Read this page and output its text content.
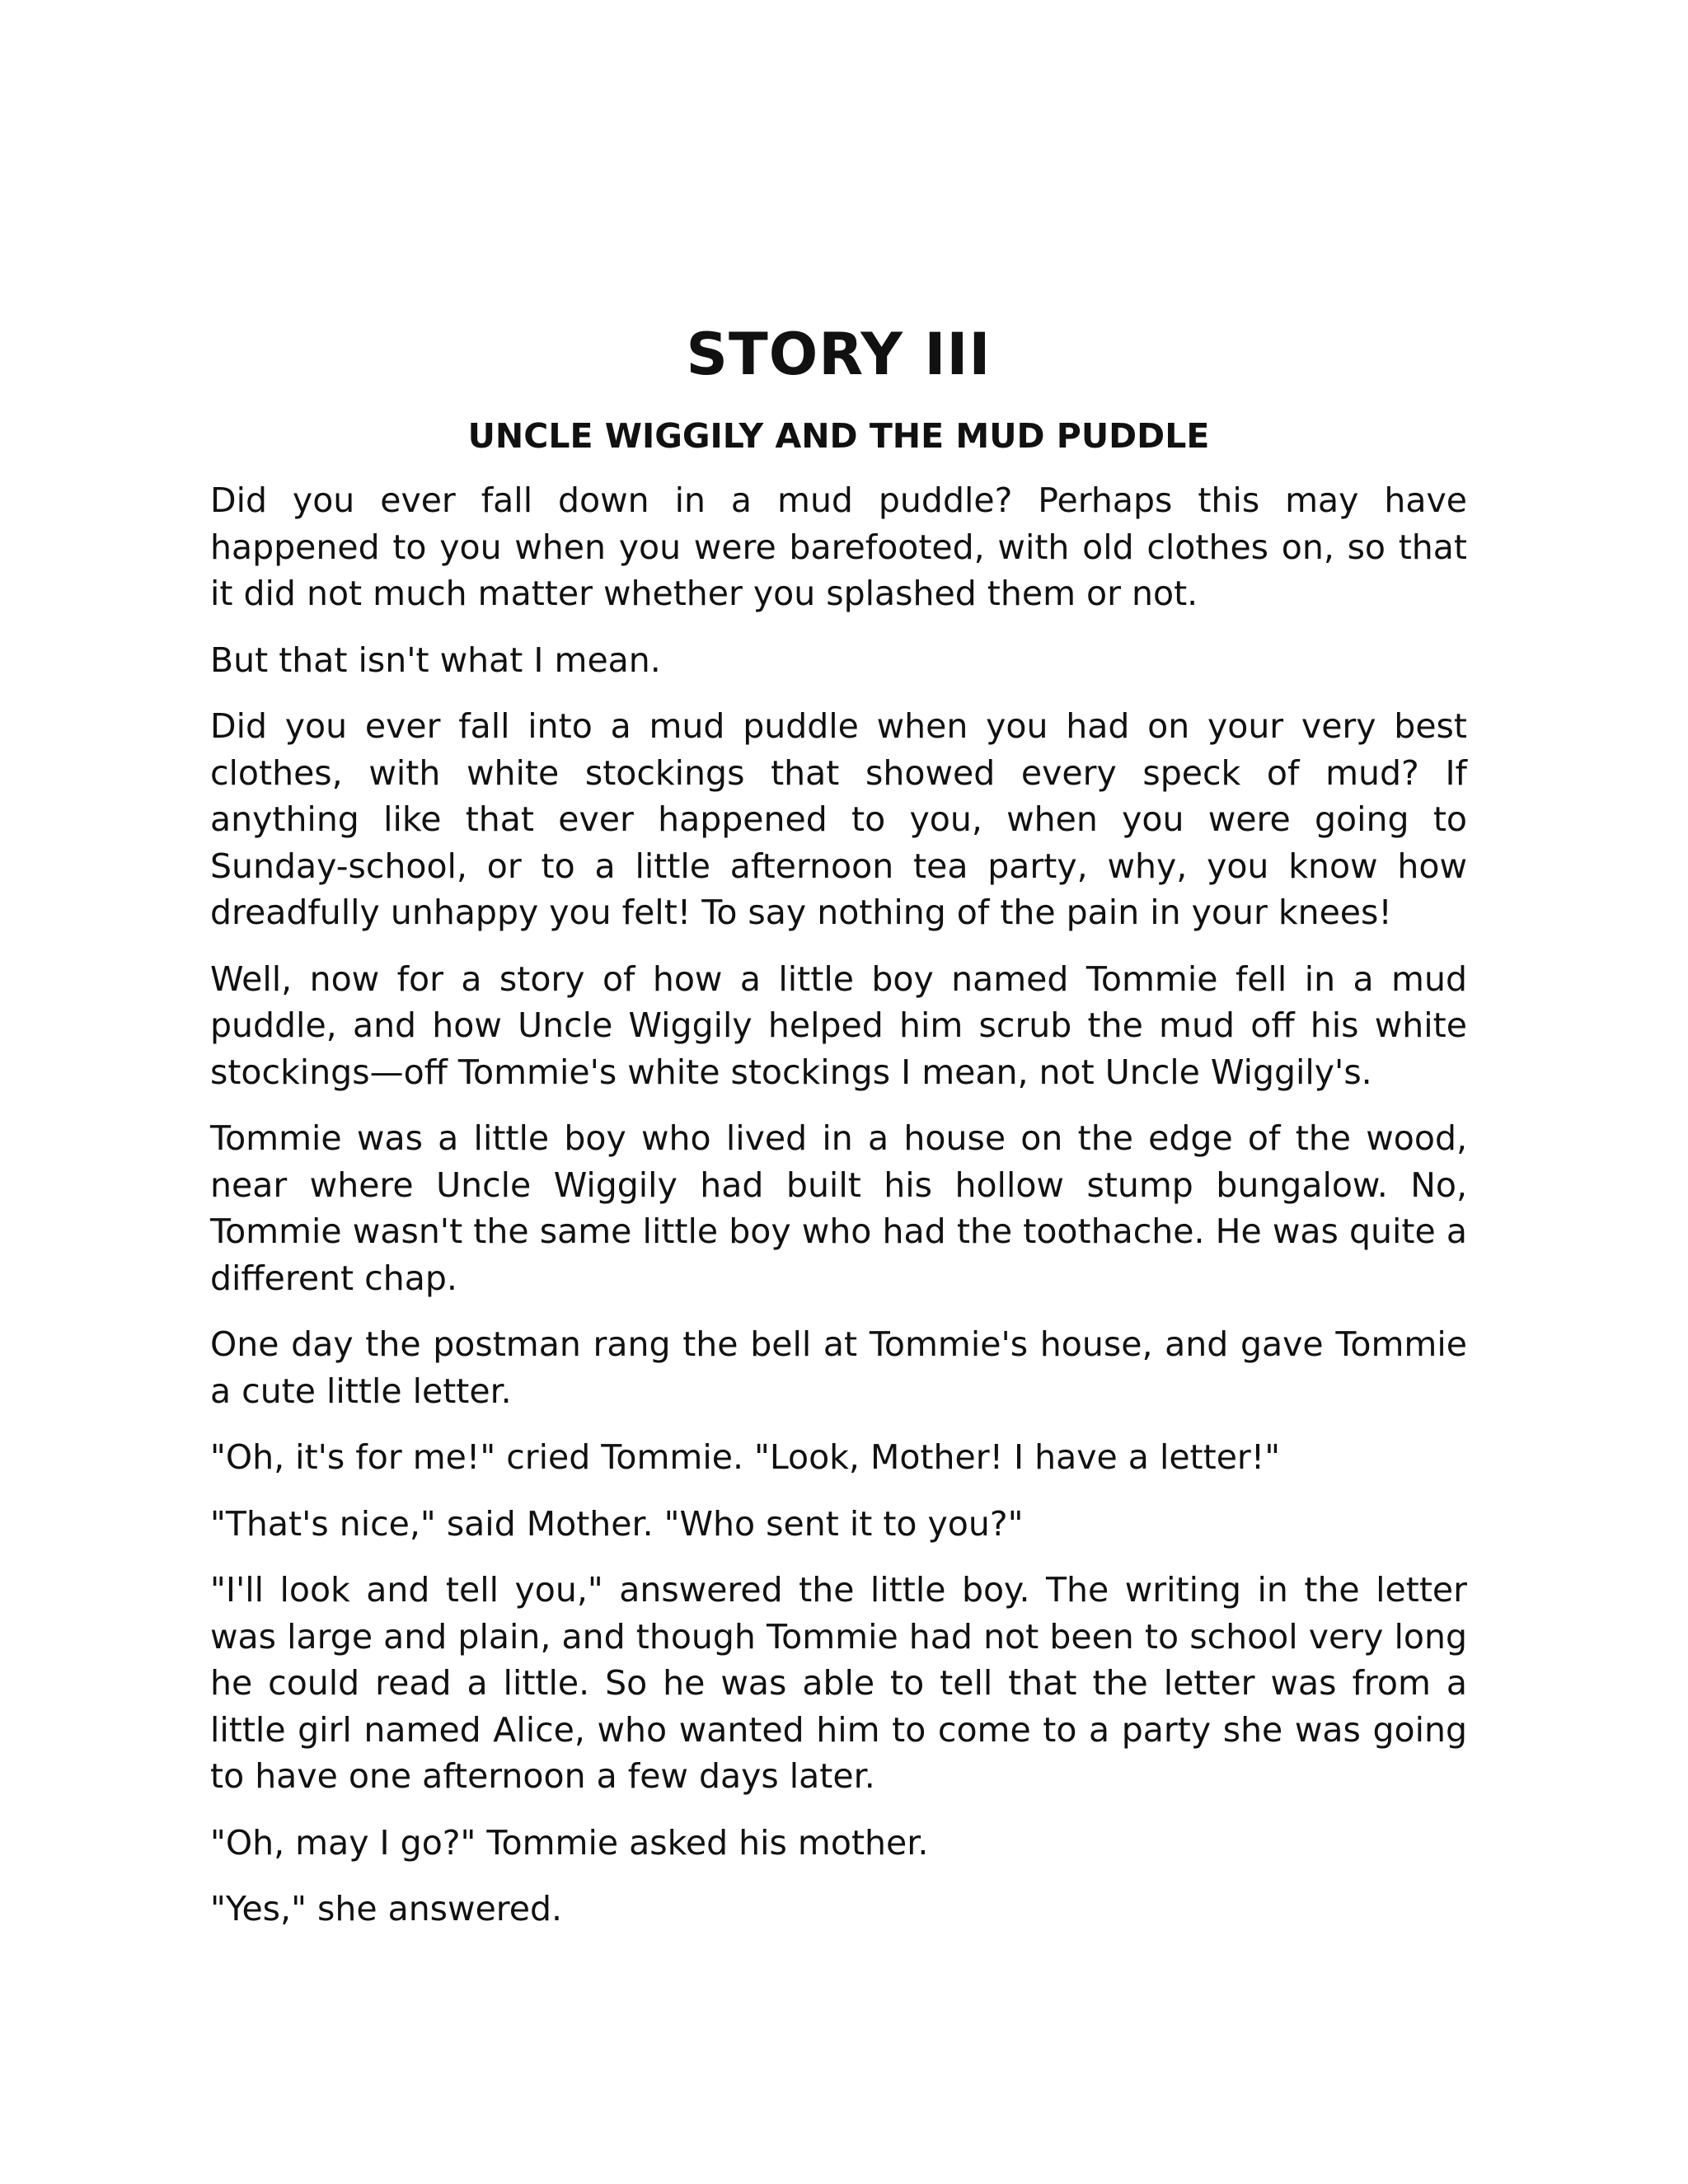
STORY III
UNCLE WIGGILY AND THE MUD PUDDLE

Did you ever fall down in a mud puddle? Perhaps this may have happened to you when you were barefooted, with old clothes on, so that it did not much matter whether you splashed them or not.

But that isn't what I mean.

Did you ever fall into a mud puddle when you had on your very best clothes, with white stockings that showed every speck of mud? If anything like that ever happened to you, when you were going to Sunday-school, or to a little afternoon tea party, why, you know how dreadfully unhappy you felt! To say nothing of the pain in your knees!

Well, now for a story of how a little boy named Tommie fell in a mud puddle, and how Uncle Wiggily helped him scrub the mud off his white stockings—off Tommie's white stockings I mean, not Uncle Wiggily's.

Tommie was a little boy who lived in a house on the edge of the wood, near where Uncle Wiggily had built his hollow stump bungalow. No, Tommie wasn't the same little boy who had the toothache. He was quite a different chap.

One day the postman rang the bell at Tommie's house, and gave Tommie a cute little letter.

"Oh, it's for me!" cried Tommie. "Look, Mother! I have a letter!"

"That's nice," said Mother. "Who sent it to you?"

"I'll look and tell you," answered the little boy. The writing in the letter was large and plain, and though Tommie had not been to school very long he could read a little. So he was able to tell that the letter was from a little girl named Alice, who wanted him to come to a party she was going to have one afternoon a few days later.

"Oh, may I go?" Tommie asked his mother.

"Yes," she answered.
